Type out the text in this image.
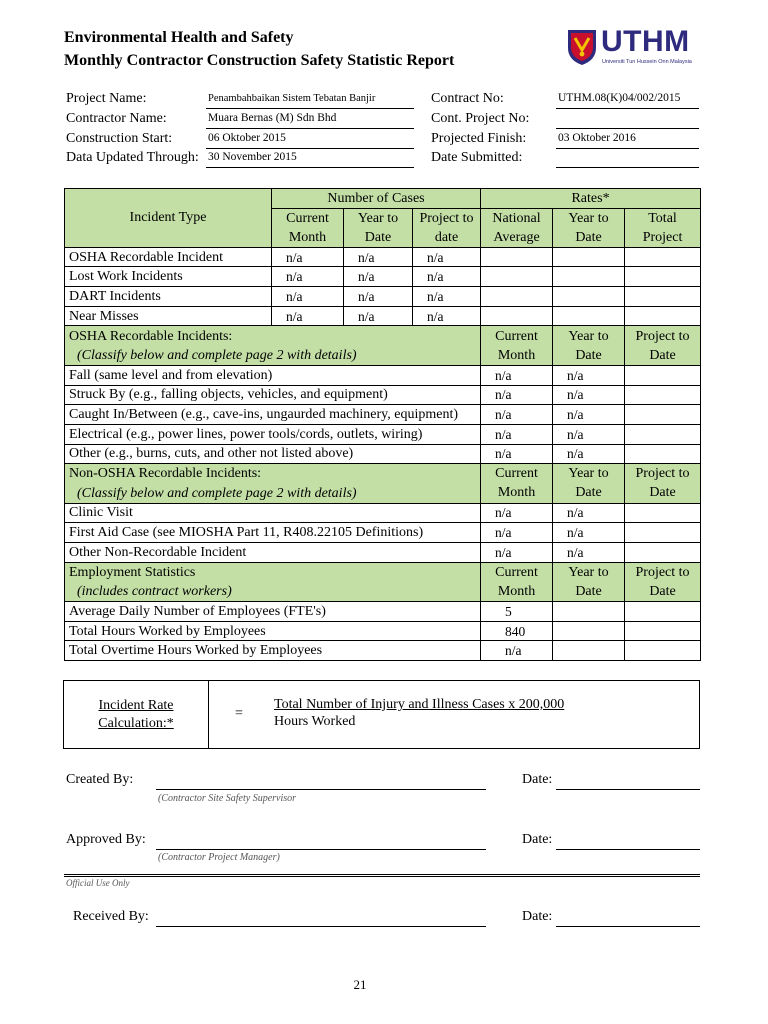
Environmental Health and Safety
Monthly Contractor Construction Safety Statistic Report
UTHM
Universiti Tun Hussein Onn Malaysia
Project Name:	Penambahbaikan Sistem Tebatan Banjir
Contractor Name:	Muara Bernas (M) Sdn Bhd
Construction Start:	06 Oktober 2015
Data Updated Through: 30 November 2015
Contract No:	UTHM.08(K)04/002/2015
Cont. Project No:
Projected Finish:	03 Oktober 2016
Date Submitted:
Incident Type	Number of Cases			Rates*		
	Current Month	Year to Date	Project to date	National Average	Year to Date	Total Project

OSHA Recordable Incident	n/a	n/a	n/a			
Lost Work Incidents	n/a	n/a	n/a			
DART Incidents	n/a	n/a	n/a			
Near Misses	n/a	n/a	n/a			
OSHA Recordable Incidents:				Current Month	Year to Date	Project to Date
(Classify below and complete page 2 with details)						
Fall (same level and from elevation)				n/a	n/a	
Struck By (e.g., falling objects, vehicles, and equipment)				n/a	n/a	
Caught In/Between (e.g., cave-ins, ungaurded machinery, equipment)				n/a	n/a	
Electrical (e.g., power lines, power tools/cords, outlets, wiring)				n/a	n/a	
Other (e.g., burns, cuts, and other not listed above)				n/a	n/a	
Non-OSHA Recordable Incidents:				Current Month	Year to Date	Project to Date
(Classify below and complete page 2 with details)						
Clinic Visit				n/a	n/a	
First Aid Case (see MIOSHA Part 11, R408.22105 Definitions)				n/a	n/a	
Other Non-Recordable Incident				n/a	n/a	
Employment Statistics				Current Month	Year to Date	Project to Date
(includes contract workers)						
Average Daily Number of Employees (FTE's)				5		
Total Hours Worked by Employees				840		
Total Overtime Hours Worked by Employees				n/a		
Incident Rate
Calculation:*
=
Total Number of Injury and Illness Cases x 200,000
Hours Worked
Created By:
(Contractor Site Safety Supervisor
Date:
Approved By:
(Contractor Project Manager)
Date:
Official Use Only
Received By:	Date:
21
